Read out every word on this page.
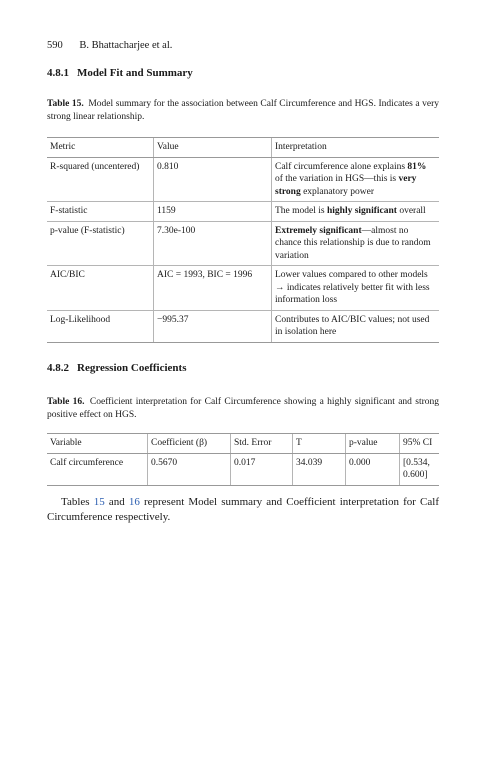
590 B. Bhattacharjee et al.
4.8.1 Model Fit and Summary
Table 15. Model summary for the association between Calf Circumference and HGS. Indicates a very strong linear relationship.
Metric	Value	Interpretation
R-squared (uncentered)	0.810	Calf circumference alone explains 81% of the variation in HGS—this is very strong explanatory power
F-statistic	1159	The model is highly significant overall
p-value (F-statistic)	7.30e-100	Extremely significant—almost no chance this relationship is due to random variation
AIC/BIC	AIC = 1993, BIC = 1996	Lower values compared to other models → indicates relatively better fit with less information loss
Log-Likelihood	−995.37	Contributes to AIC/BIC values; not used in isolation here
4.8.2 Regression Coefficients
Table 16. Coefficient interpretation for Calf Circumference showing a highly significant and strong positive effect on HGS.
Variable	Coefficient (β)	Std. Error	T	p-value	95% CI
Calf circumference	0.5670	0.017	34.039	0.000	[0.534, 0.600]

Tables 15 and 16 represent Model summary and Coefficient interpretation for Calf Circumference respectively.
